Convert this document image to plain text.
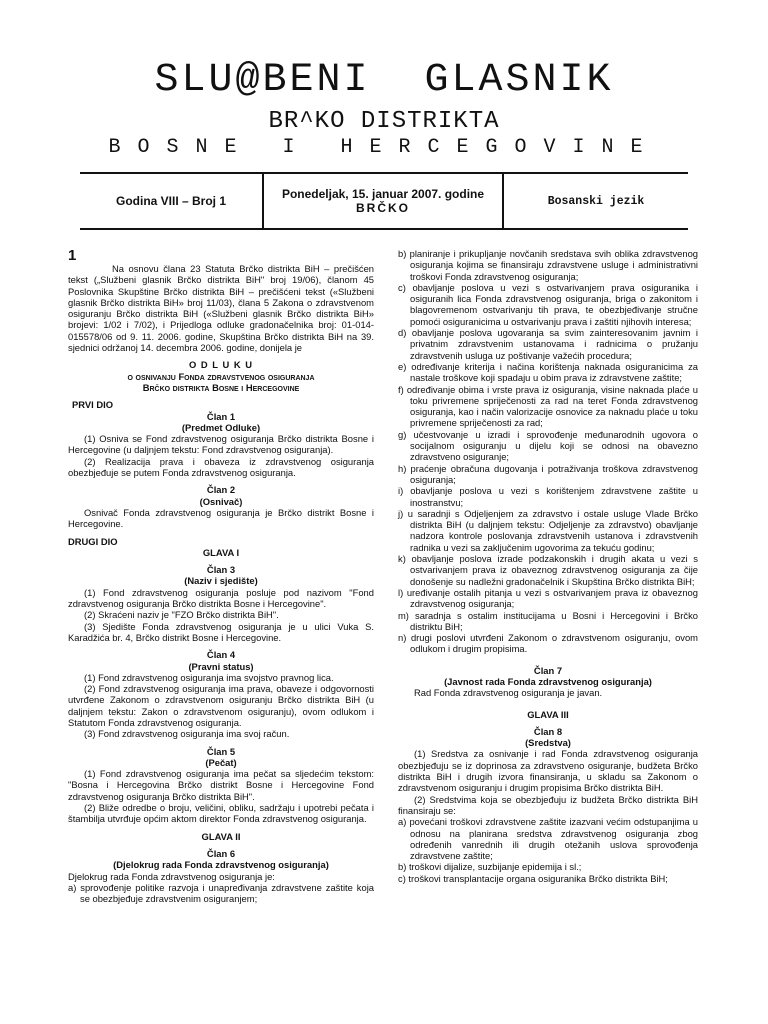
SLU@BENI  GLASNIK
BR^KO DISTRIKTA
BOSNE I HERCEGOVINE
Godina VIII – Broj 1	Ponedeljak, 15. januar 2007. godine
BRČKO	Bosanski jezik

1

Na osnovu člana 23 Statuta Brčko distrikta BiH – prečišćen tekst („Službeni glasnik Brčko distrikta BiH" broj 19/06), članom 45 Poslovnika Skupštine Brčko distrikta BiH – prečišćeni tekst («Službeni glasnik Brčko distrikta BiH» broj 11/03), člana 5 Zakona o zdravstvenom osiguranju Brčko distrikta BiH («Službeni glasnik Brčko distrikta BiH» brojevi: 1/02 i 7/02), i Prijedloga odluke gradonačelnika broj: 01-014-015578/06 od 9. 11. 2006. godine, Skupština Brčko distrikta BiH na 39. sjednici održanoj 14. decembra 2006. godine, donijela je

O D L U K U

o osnivanju Fonda zdravstvenog osiguranja

Brčko distrikta Bosne i Hercegovine

PRVI DIO

Član 1

(Predmet Odluke)

(1) Osniva se Fond zdravstvenog osiguranja Brčko distrikta Bosne i Hercegovine (u daljnjem tekstu: Fond zdravstvenog osiguranja).

(2) Realizacija prava i obaveza iz zdravstvenog osiguranja obezbjeđuje se putem Fonda zdravstvenog osiguranja.

Član 2

(Osnivač)

Osnivač Fonda zdravstvenog osiguranja je Brčko distrikt Bosne i Hercegovine.

DRUGI DIO

GLAVA I

Član 3

(Naziv i sjedište)

(1) Fond zdravstvenog osiguranja posluje pod nazivom "Fond zdravstvenog osiguranja Brčko distrikta Bosne i Hercegovine".

(2) Skraćeni naziv je "FZO Brčko distrikta BiH".

(3) Sjedište Fonda zdravstvenog osiguranja je u ulici Vuka S. Karadžića br. 4, Brčko distrikt Bosne i Hercegovine.

Član 4

(Pravni status)

(1) Fond zdravstvenog osiguranja ima svojstvo pravnog lica.

(2) Fond zdravstvenog osiguranja ima prava, obaveze i odgovornosti utvrđene Zakonom o zdravstvenom osiguranju Brčko distrikta BiH (u daljnjem tekstu: Zakon o zdravstvenom osiguranju), ovom odlukom i Statutom Fonda zdravstvenog osiguranja.

(3) Fond zdravstvenog osiguranja ima svoj račun.

Član 5

(Pečat)

(1) Fond zdravstvenog osiguranja ima pečat sa sljedećim tekstom: "Bosna i Hercegovina Brčko distrikt Bosne i Hercegovine Fond zdravstvenog osiguranja Brčko distrikta BiH".

(2) Bliže odredbe o broju, veličini, obliku, sadržaju i upotrebi pečata i štambilja utvrđuje općim aktom direktor Fonda zdravstvenog osiguranja.

GLAVA II

Član 6

(Djelokrug rada Fonda zdravstvenog osiguranja)

Djelokrug rada Fonda zdravstvenog osiguranja je:

a) sprovođenje politike razvoja i unapređivanja zdravstvene zaštite koja se obezbjeđuje zdravstvenim osiguranjem;

b) planiranje i prikupljanje novčanih sredstava svih oblika zdravstvenog osiguranja kojima se finansiraju zdravstvene usluge i administrativni troškovi Fonda zdravstvenog osiguranja;

c) obavljanje poslova u vezi s ostvarivanjem prava osiguranika i osiguranih lica Fonda zdravstvenog osiguranja, briga o zakonitom i blagovremenom ostvarivanju tih prava, te obezbjeđivanje stručne pomoći osiguranicima u ostvarivanju prava i zaštiti njihovih interesa;

d) obavljanje poslova ugovaranja sa svim zainteresovanim javnim i privatnim zdravstvenim ustanovama i radnicima o pružanju zdravstvenih usluga uz poštivanje važećih procedura;

e) određivanje kriterija i načina korištenja naknada osiguranicima za nastale troškove koji spadaju u obim prava iz zdravstvene zaštite;

f) određivanje obima i vrste prava iz osiguranja, visine naknada plaće u toku privremene spriječenosti za rad na teret Fonda zdravstvenog osiguranja, kao i način valorizacije osnovice za naknadu plaće u toku privremene spriječenosti za rad;

g) učestvovanje u izradi i sprovođenje međunarodnih ugovora o socijalnom osiguranju u dijelu koji se odnosi na obavezno zdravstveno osiguranje;

h) praćenje obračuna dugovanja i potraživanja troškova zdravstvenog osiguranja;

i) obavljanje poslova u vezi s korištenjem zdravstvene zaštite u inostranstvu;

j) u saradnji s Odjeljenjem za zdravstvo i ostale usluge Vlade Brčko distrikta BiH (u daljnjem tekstu: Odjeljenje za zdravstvo) obavljanje nadzora kontrole poslovanja zdravstvenih ustanova i zdravstvenih radnika u vezi sa zaključenim ugovorima za tekuću godinu;

k) obavljanje poslova izrade podzakonskih i drugih akata u vezi s ostvarivanjem prava iz obaveznog zdravstvenog osiguranja za čije donošenje su nadležni gradonačelnik i Skupština Brčko distrikta BiH;

l) uređivanje ostalih pitanja u vezi s ostvarivanjem prava iz obaveznog zdravstvenog osiguranja;

m) saradnja s ostalim institucijama u Bosni i Hercegovini i Brčko distriktu BiH;

n) drugi poslovi utvrđeni Zakonom o zdravstvenom osiguranju, ovom odlukom i drugim propisima.

Član 7

(Javnost rada Fonda zdravstvenog osiguranja)

Rad Fonda zdravstvenog osiguranja je javan.

GLAVA III

Član 8

(Sredstva)

(1) Sredstva za osnivanje i rad Fonda zdravstvenog osiguranja obezbjeđuju se iz doprinosa za zdravstveno osiguranje, budžeta Brčko distrikta BiH i drugih izvora finansiranja, u skladu sa Zakonom o zdravstvenom osiguranju i drugim propisima Brčko distrikta BiH.

(2) Sredstvima koja se obezbjeđuju iz budžeta Brčko distrikta BiH finansiraju se:

a) povećani troškovi zdravstvene zaštite izazvani većim odstupanjima u odnosu na planirana sredstva zdravstvenog osiguranja zbog određenih vanrednih ili drugih otežanih uslova sprovođenja zdravstvene zaštite;

b) troškovi dijalize, suzbijanje epidemija i sl.;

c) troškovi transplantacije organa osiguranika Brčko distrikta BiH;
